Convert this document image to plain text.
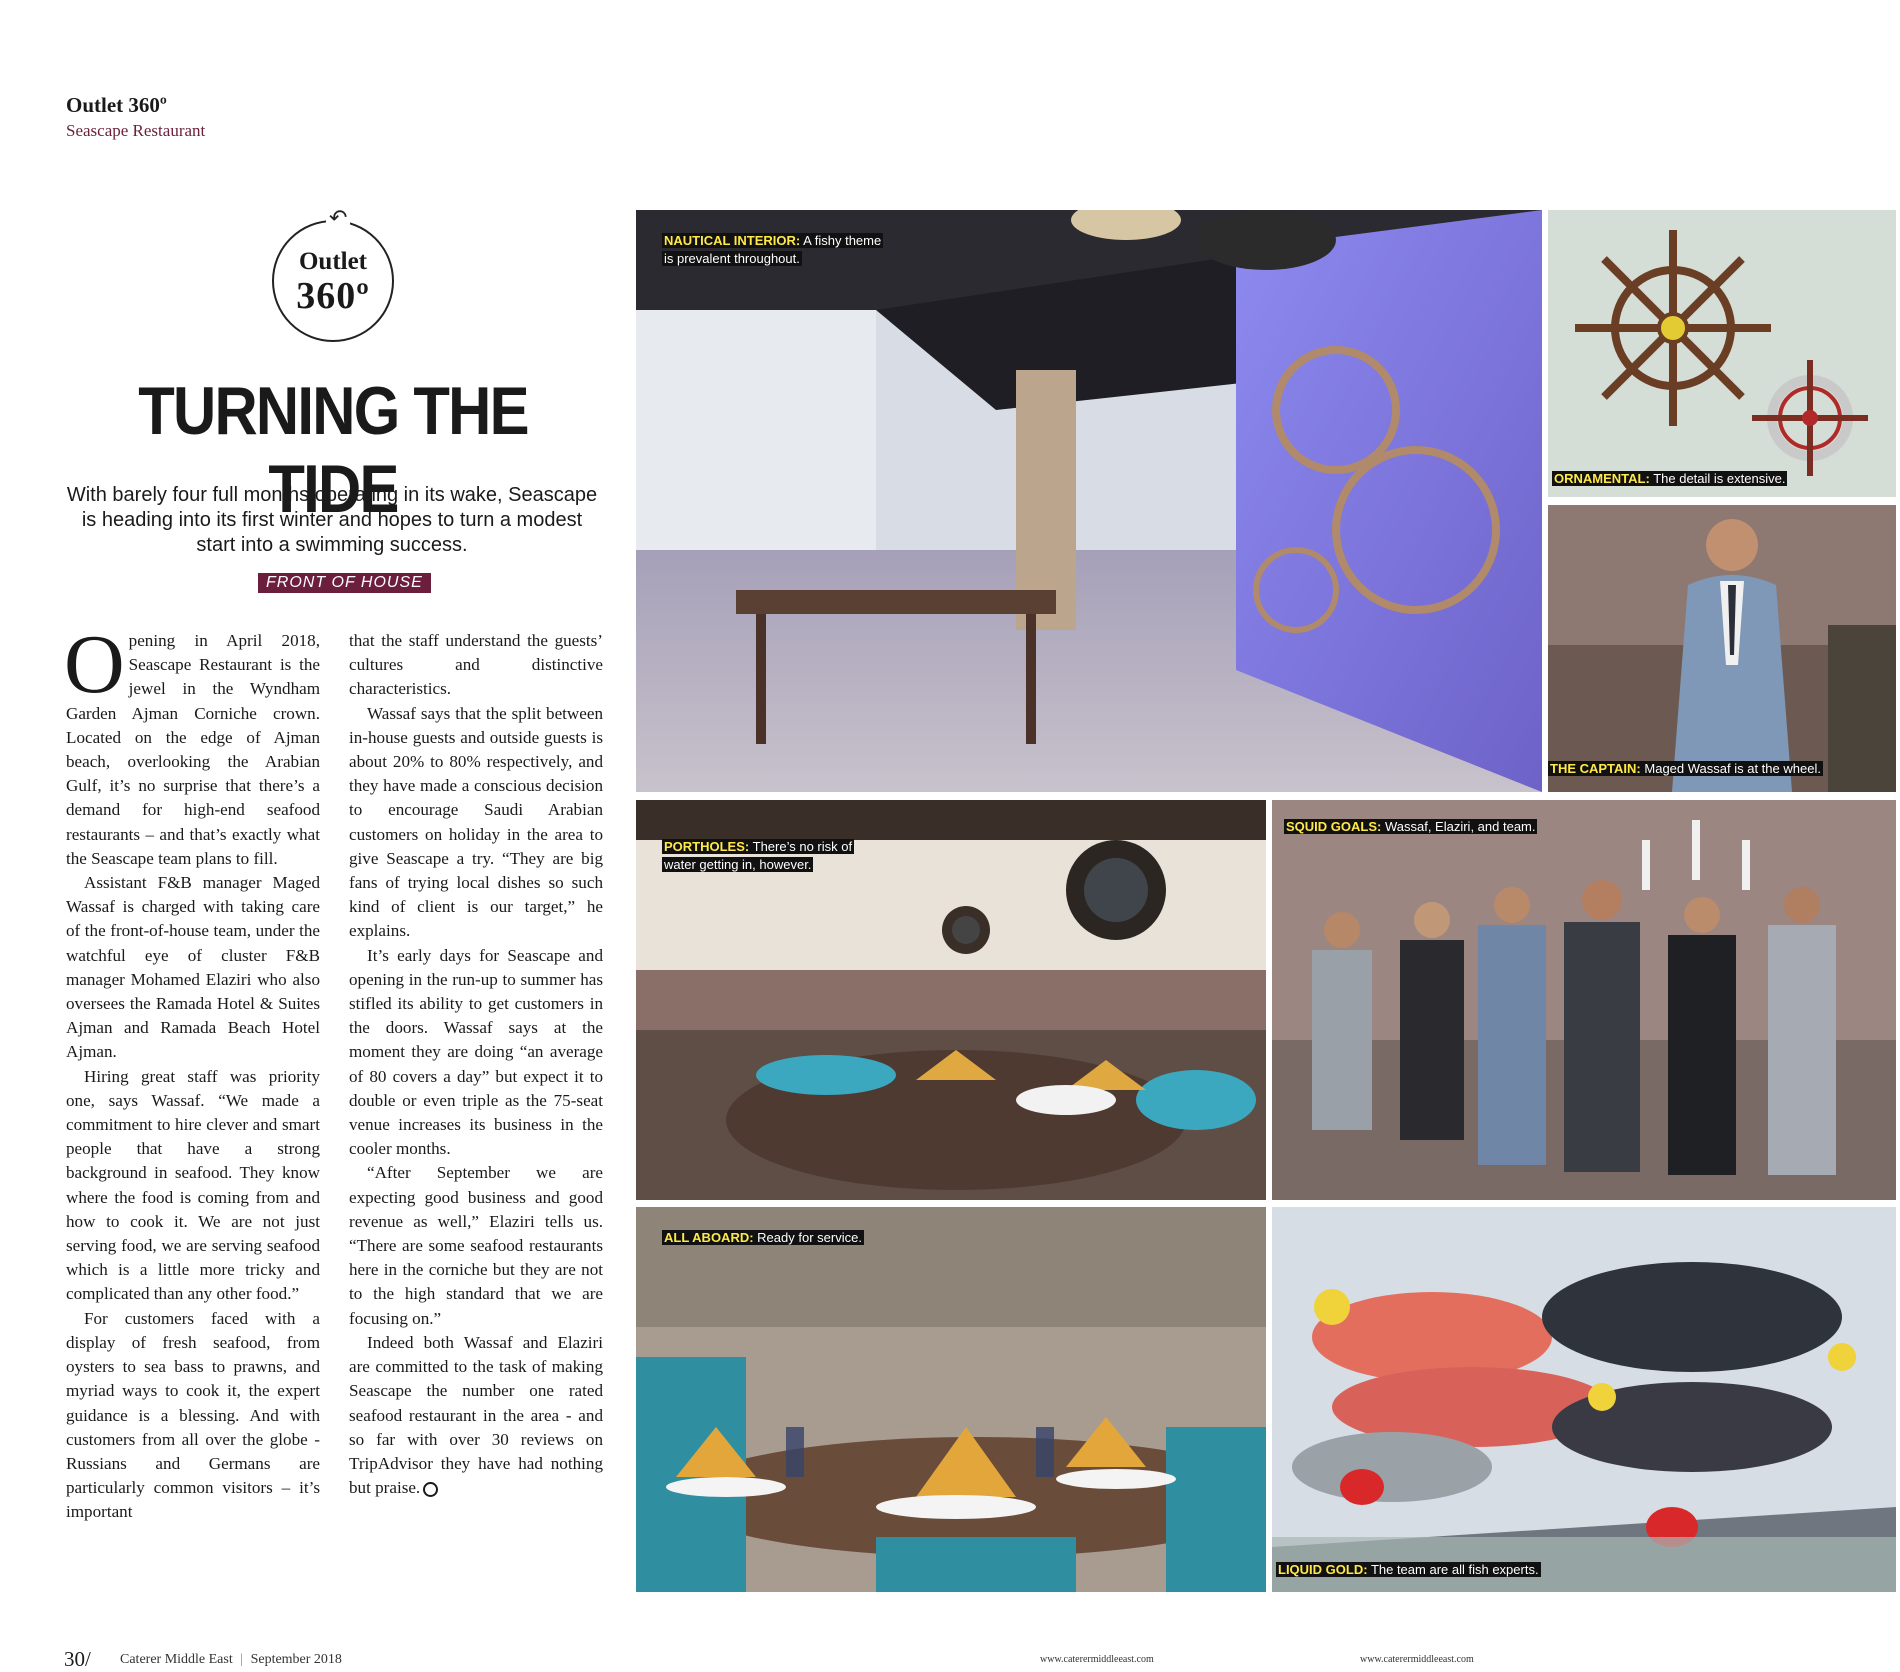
Outlet 360º
Seascape Restaurant
↶
Outlet
360º
TURNING THE TIDE
With barely four full months operating in its wake, Seascape is heading into its first winter and hopes to turn a modest start into a swimming success.
FRONT OF HOUSE

Opening in April 2018, Seascape Restaurant is the jewel in the Wyndham Garden Ajman Corniche crown. Located on the edge of Ajman beach, overlooking the Arabian Gulf, it’s no surprise that there’s a demand for high-end seafood restaurants – and that’s exactly what the Seascape team plans to fill.

Assistant F&B manager Maged Wassaf is charged with taking care of the front-of-house team, under the watchful eye of cluster F&B manager Mohamed Elaziri who also oversees the Ramada Hotel & Suites Ajman and Ramada Beach Hotel Ajman.

Hiring great staff was priority one, says Wassaf. “We made a commitment to hire clever and smart people that have a strong background in seafood. They know where the food is coming from and how to cook it. We are not just serving food, we are serving seafood which is a little more tricky and complicated than any other food.”

For customers faced with a display of fresh seafood, from oysters to sea bass to prawns, and myriad ways to cook it, the expert guidance is a blessing. And with customers from all over the globe - Russians and Germans are particularly common visitors – it’s important

that the staff understand the guests’ cultures and distinctive characteristics.

Wassaf says that the split between in-house guests and outside guests is about 20% to 80% respectively, and they have made a conscious decision to encourage Saudi Arabian customers on holiday in the area to give Seascape a try. “They are big fans of trying local dishes so such kind of client is our target,” he explains.

It’s early days for Seascape and opening in the run-up to summer has stifled its ability to get customers in the doors. Wassaf says at the moment they are doing “an average of 80 covers a day” but expect it to double or even triple as the 75-seat venue increases its business in the cooler months.

“After September we are expecting good business and good revenue as well,” Elaziri tells us. “There are some seafood restaurants here in the corniche but they are not to the high standard that we are focusing on.”

Indeed both Wassaf and Elaziri are committed to the task of making Seascape the number one rated seafood restaurant in the area - and so far with over 30 reviews on TripAdvisor they have had nothing but praise.

NAUTICAL INTERIOR: A fishy theme is prevalent throughout.
ORNAMENTAL: The detail is extensive.
THE CAPTAIN: Maged Wassaf is at the wheel.
PORTHOLES: There’s no risk of water getting in, however.
SQUID GOALS: Wassaf, Elaziri, and team.
ALL ABOARD: Ready for service.
LIQUID GOLD: The team are all fish experts.
30/ Caterer Middle East | September 2018	www.caterermiddleeast.com	www.caterermiddleeast.com
